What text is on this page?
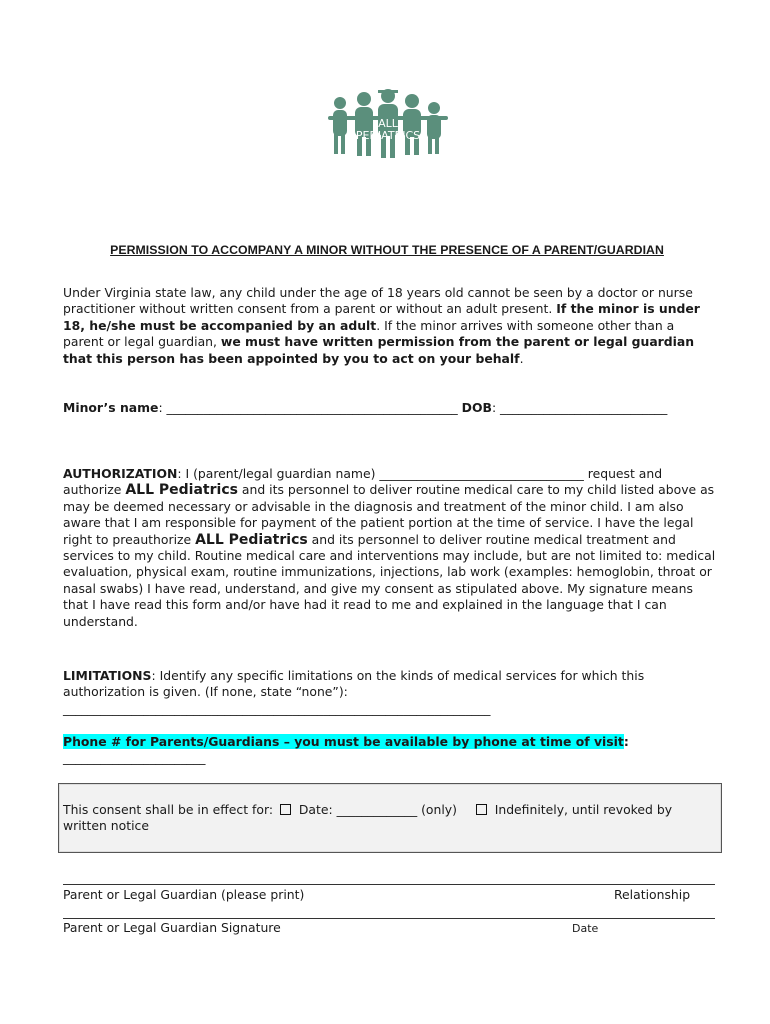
ALL
PEDIATRICS
PERMISSION TO ACCOMPANY A MINOR WITHOUT THE PRESENCE OF A PARENT/GUARDIAN

Under Virginia state law, any child under the age of 18 years old cannot be seen by a doctor or nurse practitioner without written consent from a parent or without an adult present. If the minor is under 18, he/she must be accompanied by an adult. If the minor arrives with someone other than a parent or legal guardian, we must have written permission from the parent or legal guardian that this person has been appointed by you to act on your behalf.

Minor’s name: _______________________________________________ DOB: ___________________________

AUTHORIZATION: I (parent/legal guardian name) _________________________________ request and authorize ALL Pediatrics and its personnel to deliver routine medical care to my child listed above as may be deemed necessary or advisable in the diagnosis and treatment of the minor child. I am also aware that I am responsible for payment of the patient portion at the time of service. I have the legal right to preauthorize ALL Pediatrics and its personnel to deliver routine medical treatment and services to my child. Routine medical care and interventions may include, but are not limited to: medical evaluation, physical exam, routine immunizations, injections, lab work (examples: hemoglobin, throat or nasal swabs) I have read, understand, and give my consent as stipulated above. My signature means that I have read this form and/or have had it read to me and explained in the language that I can understand.

LIMITATIONS: Identify any specific limitations on the kinds of medical services for which this authorization is given. (If none, state “none”):
_____________________________________________________________________

Phone # for Parents/Guardians – you must be available by phone at time of visit:
_______________________

This consent shall be in effect for:  Date: _____________ (only)	Indefinitely, until revoked by written notice

Parent or Legal Guardian (please print)	Relationship
Parent or Legal Guardian Signature	Date
